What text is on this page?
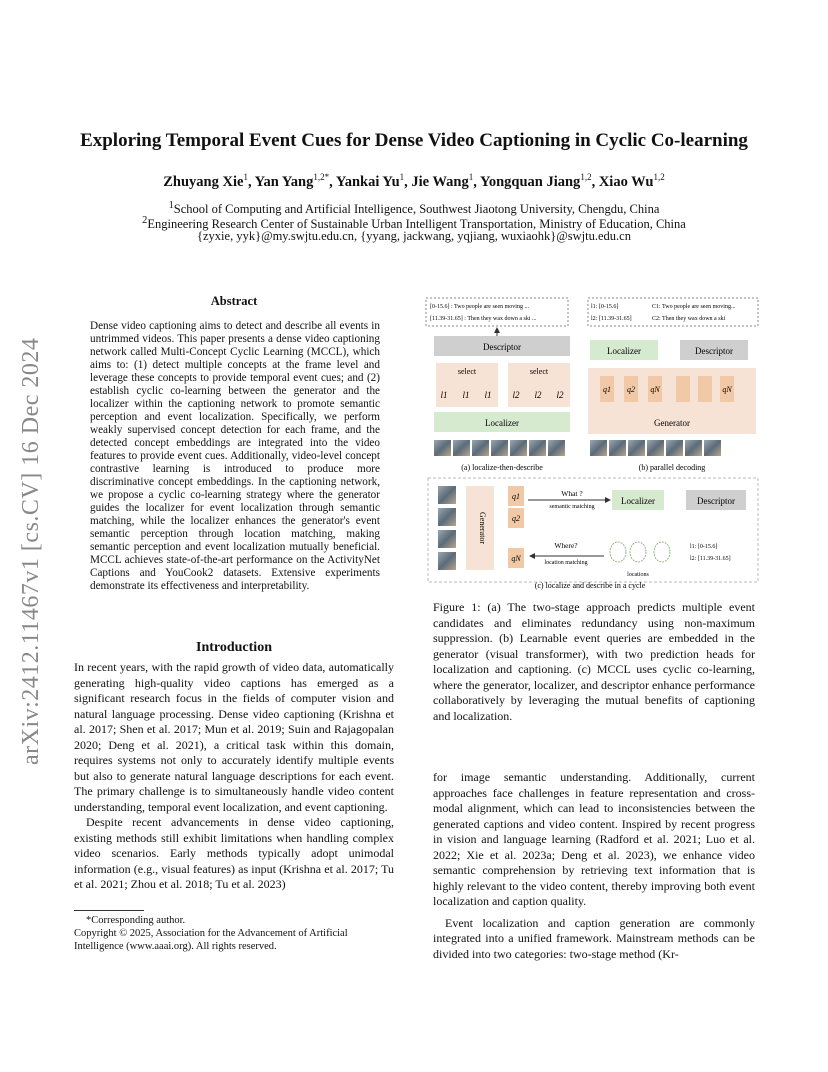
arXiv:2412.11467v1 [cs.CV] 16 Dec 2024
Exploring Temporal Event Cues for Dense Video Captioning in Cyclic Co-learning
Zhuyang Xie$^1$, Yan Yang$^{1,2*}$, Yankai Yu$^1$, Jie Wang$^1$, Yongquan Jiang$^{1,2}$, Xiao Wu$^{1,2}$
$^1$School of Computing and Artificial Intelligence, Southwest Jiaotong University, Chengdu, China
$^2$Engineering Research Center of Sustainable Urban Intelligent Transportation, Ministry of Education, China
{zyxie, yyk}@my.swjtu.edu.cn, {yyang, jackwang, yqjiang, wuxiaohk}@swjtu.edu.cn
Abstract
Dense video captioning aims to detect and describe all events in untrimmed videos. This paper presents a dense video captioning network called Multi-Concept Cyclic Learning (MCCL), which aims to: (1) detect multiple concepts at the frame level and leverage these concepts to provide temporal event cues; and (2) establish cyclic co-learning between the generator and the localizer within the captioning network to promote semantic perception and event localization. Specifically, we perform weakly supervised concept detection for each frame, and the detected concept embeddings are integrated into the video features to provide event cues. Additionally, video-level concept contrastive learning is introduced to produce more discriminative concept embeddings. In the captioning network, we propose a cyclic co-learning strategy where the generator guides the localizer for event localization through semantic matching, while the localizer enhances the generator's event semantic perception through location matching, making semantic perception and event localization mutually beneficial. MCCL achieves state-of-the-art performance on the ActivityNet Captions and YouCook2 datasets. Extensive experiments demonstrate its effectiveness and interpretability.
Introduction

In recent years, with the rapid growth of video data, automatically generating high-quality video captions has emerged as a significant research focus in the fields of computer vision and natural language processing. Dense video captioning (Krishna et al. 2017; Shen et al. 2017; Mun et al. 2019; Suin and Rajagopalan 2020; Deng et al. 2021), a critical task within this domain, requires systems not only to accurately identify multiple events but also to generate natural language descriptions for each event. The primary challenge is to simultaneously handle video content understanding, temporal event localization, and event captioning.

Despite recent advancements in dense video captioning, existing methods still exhibit limitations when handling complex video scenarios. Early methods typically adopt unimodal information (e.g., visual features) as input (Krishna et al. 2017; Tu et al. 2021; Zhou et al. 2018; Tu et al. 2023)

*Corresponding author.
Copyright © 2025, Association for the Advancement of Artificial Intelligence (www.aaai.org). All rights reserved.
[0-15.6] : Two people are seen moving ...
[11.39-31.65] : Then they wax down a ski ...
Descriptor
select	select
l1 l1 l1 l2 l2 l2
Localizer
(a) localize-then-describe
l1: [0-15.6]
l2: [11.39-31.65]
C1: Two people are seen moving...
C2: Then they wax down a ski
Localizer	Descriptor
q1 q2 qN	qN
Generator
(b) parallel decoding
Generator
q1
q2
qN
What ?
semantic matching
Localizer	Descriptor
Where?
location matching
locations
l1: [0-15.6]
l2: [11.39-31.65]
(c) localize and describe in a cycle
Figure 1: (a) The two-stage approach predicts multiple event candidates and eliminates redundancy using non-maximum suppression. (b) Learnable event queries are embedded in the generator (visual transformer), with two prediction heads for localization and captioning. (c) MCCL uses cyclic co-learning, where the generator, localizer, and descriptor enhance performance collaboratively by leveraging the mutual benefits of captioning and localization.

for image semantic understanding. Additionally, current approaches face challenges in feature representation and cross-modal alignment, which can lead to inconsistencies between the generated captions and video content. Inspired by recent progress in vision and language learning (Radford et al. 2021; Luo et al. 2022; Xie et al. 2023a; Deng et al. 2023), we enhance video semantic comprehension by retrieving text information that is highly relevant to the video content, thereby improving both event localization and caption quality.

Event localization and caption generation are commonly integrated into a unified framework. Mainstream methods can be divided into two categories: two-stage method (Kr-
